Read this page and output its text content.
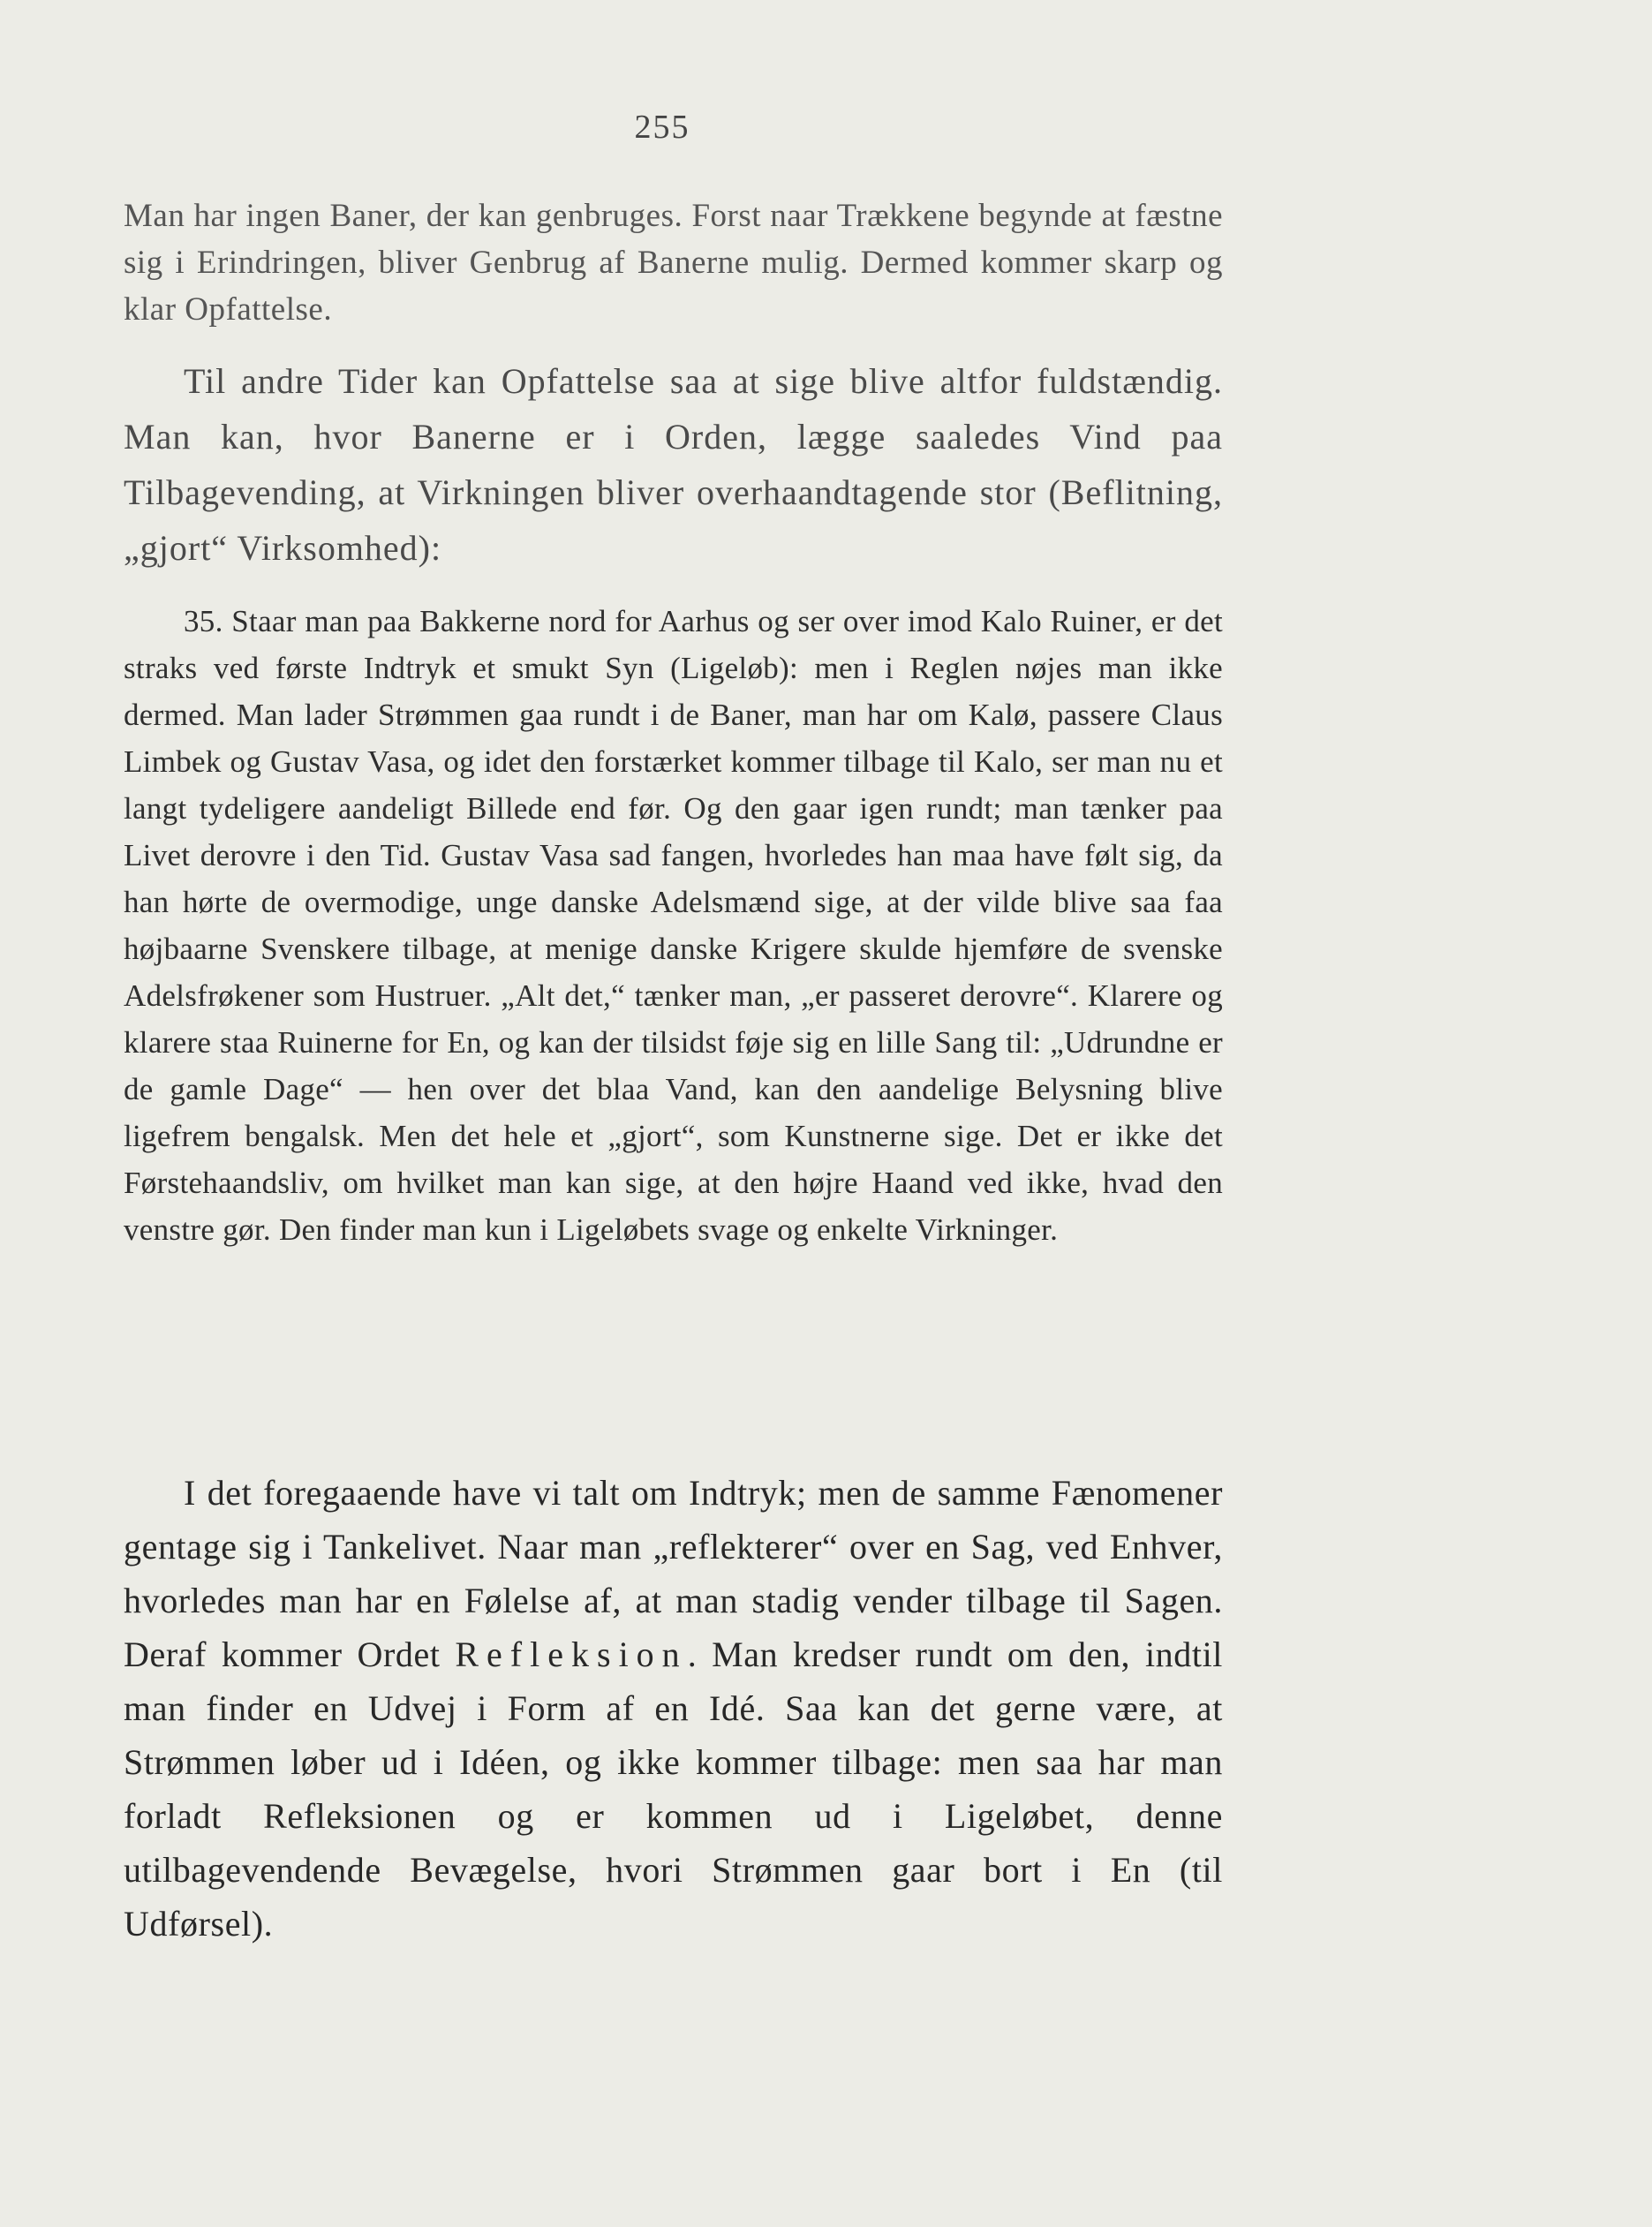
255

Man har ingen Baner, der kan genbruges. Forst naar Trækkene begynde at fæstne sig i Erindringen, bliver Genbrug af Banerne mulig. Dermed kommer skarp og klar Opfattelse.

Til andre Tider kan Opfattelse saa at sige blive altfor fuldstændig. Man kan, hvor Banerne er i Orden, lægge saaledes Vind paa Tilbagevending, at Virkningen bliver overhaandtagende stor (Beflitning, „gjort“ Virksomhed):

35. Staar man paa Bakkerne nord for Aarhus og ser over imod Kalo Ruiner, er det straks ved første Indtryk et smukt Syn (Ligeløb): men i Reglen nøjes man ikke dermed. Man lader Strømmen gaa rundt i de Baner, man har om Kalø, passere Claus Limbek og Gustav Vasa, og idet den forstærket kommer tilbage til Kalo, ser man nu et langt tydeligere aandeligt Billede end før. Og den gaar igen rundt; man tænker paa Livet derovre i den Tid. Gustav Vasa sad fangen, hvorledes han maa have følt sig, da han hørte de overmodige, unge danske Adelsmænd sige, at der vilde blive saa faa højbaarne Svenskere tilbage, at menige danske Krigere skulde hjemføre de svenske Adelsfrøkener som Hustruer. „Alt det,“ tænker man, „er passeret derovre“. Klarere og klarere staa Ruinerne for En, og kan der tilsidst føje sig en lille Sang til: „Udrundne er de gamle Dage“ — hen over det blaa Vand, kan den aandelige Belysning blive ligefrem bengalsk. Men det hele et „gjort“, som Kunstnerne sige. Det er ikke det Førstehaandsliv, om hvilket man kan sige, at den højre Haand ved ikke, hvad den venstre gør. Den finder man kun i Ligeløbets svage og enkelte Virkninger.

I det foregaaende have vi talt om Indtryk; men de samme Fænomener gentage sig i Tankelivet. Naar man „reflekterer“ over en Sag, ved Enhver, hvorledes man har en Følelse af, at man stadig vender tilbage til Sagen. Deraf kommer Ordet Refleksion. Man kredser rundt om den, indtil man finder en Udvej i Form af en Idé. Saa kan det gerne være, at Strømmen løber ud i Idéen, og ikke kommer tilbage: men saa har man forladt Refleksionen og er kommen ud i Ligeløbet, denne utilbagevendende Bevægelse, hvori Strømmen gaar bort i En (til Udførsel).
